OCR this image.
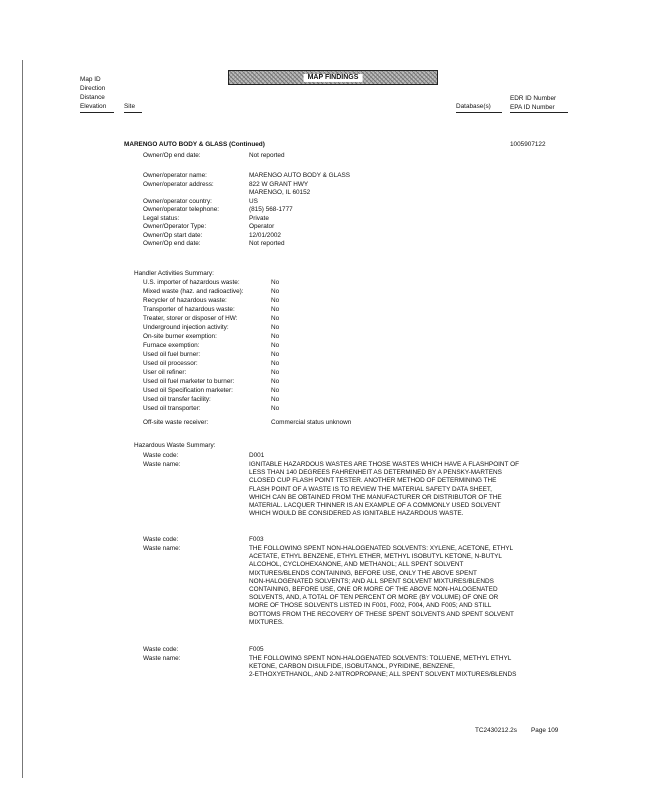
MAP FINDINGS
Map ID
Direction
Distance
Elevation	Site	Database(s)
EDR ID Number
EPA ID Number
MARENGO AUTO BODY & GLASS (Continued)	1005907122
Owner/Op end date:	Not reported
Owner/operator name:	MARENGO AUTO BODY & GLASS
Owner/operator address:	822 W GRANT HWY
MARENGO, IL 60152
Owner/operator country:	US
Owner/operator telephone:	(815) 568-1777
Legal status:	Private
Owner/Operator Type:	Operator
Owner/Op start date:	12/01/2002
Owner/Op end date:	Not reported
Handler Activities Summary:
U.S. importer of hazardous waste:	No
Mixed waste (haz. and radioactive):	No
Recycler of hazardous waste:	No
Transporter of hazardous waste:	No
Treater, storer or disposer of HW:	No
Underground injection activity:	No
On-site burner exemption:	No
Furnace exemption:	No
Used oil fuel burner:	No
Used oil processor:	No
User oil refiner:	No
Used oil fuel marketer to burner:	No
Used oil Specification marketer:	No
Used oil transfer facility:	No
Used oil transporter:	No
Off-site waste receiver:	Commercial status unknown
Hazardous Waste Summary:
Waste code:	D001
Waste name:	IGNITABLE HAZARDOUS WASTES ARE THOSE WASTES WHICH HAVE A FLASHPOINT OF
LESS THAN 140 DEGREES FAHRENHEIT AS DETERMINED BY A PENSKY-MARTENS
CLOSED CUP FLASH POINT TESTER. ANOTHER METHOD OF DETERMINING THE
FLASH POINT OF A WASTE IS TO REVIEW THE MATERIAL SAFETY DATA SHEET,
WHICH CAN BE OBTAINED FROM THE MANUFACTURER OR DISTRIBUTOR OF THE
MATERIAL. LACQUER THINNER IS AN EXAMPLE OF A COMMONLY USED SOLVENT
WHICH WOULD BE CONSIDERED AS IGNITABLE HAZARDOUS WASTE.
Waste code:	F003
Waste name:	THE FOLLOWING SPENT NON-HALOGENATED SOLVENTS: XYLENE, ACETONE, ETHYL
ACETATE, ETHYL BENZENE, ETHYL ETHER, METHYL ISOBUTYL KETONE, N-BUTYL
ALCOHOL, CYCLOHEXANONE, AND METHANOL; ALL SPENT SOLVENT
MIXTURES/BLENDS CONTAINING, BEFORE USE, ONLY THE ABOVE SPENT
NON-HALOGENATED SOLVENTS; AND ALL SPENT SOLVENT MIXTURES/BLENDS
CONTAINING, BEFORE USE, ONE OR MORE OF THE ABOVE NON-HALOGENATED
SOLVENTS, AND, A TOTAL OF TEN PERCENT OR MORE (BY VOLUME) OF ONE OR
MORE OF THOSE SOLVENTS LISTED IN F001, F002, F004, AND F005; AND STILL
BOTTOMS FROM THE RECOVERY OF THESE SPENT SOLVENTS AND SPENT SOLVENT
MIXTURES.
Waste code:	F005
Waste name:	THE FOLLOWING SPENT NON-HALOGENATED SOLVENTS: TOLUENE, METHYL ETHYL
KETONE, CARBON DISULFIDE, ISOBUTANOL, PYRIDINE, BENZENE,
2-ETHOXYETHANOL, AND 2-NITROPROPANE; ALL SPENT SOLVENT MIXTURES/BLENDS
TC2430212.2s Page 109
